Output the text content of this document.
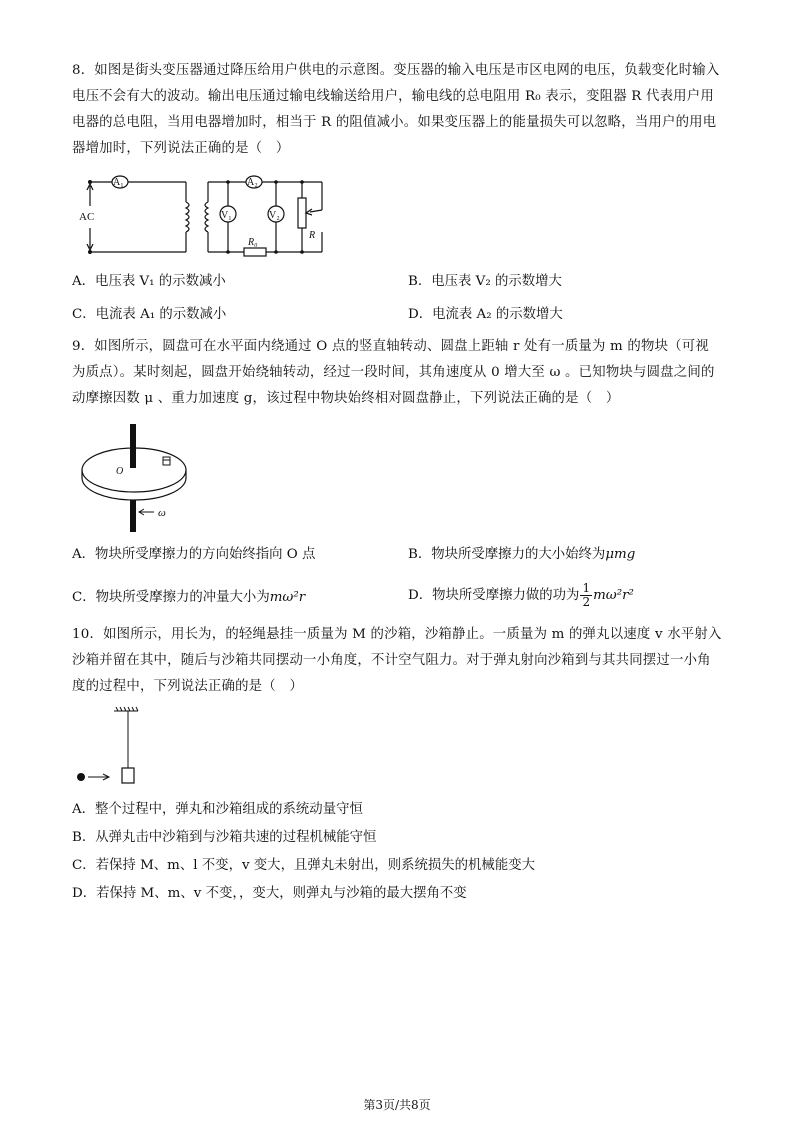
8．如图是街头变压器通过降压给用户供电的示意图。变压器的输入电压是市区电网的电压，负载变化时输入电压不会有大的波动。输出电压通过输电线输送给用户，输电线的总电阻用 R₀ 表示，变阻器 R 代表用户用电器的总电阻，当用电器增加时，相当于 R 的阻值减小。如果变压器上的能量损失可以忽略，当用户的用电器增加时，下列说法正确的是（　）
A₁	A₂
V₁	V₂
AC
R₀
R
A．电压表 V₁ 的示数减小	B．电压表 V₂ 的示数增大
C．电流表 A₁ 的示数减小	D．电流表 A₂ 的示数增大
9．如图所示，圆盘可在水平面内绕通过 O 点的竖直轴转动、圆盘上距轴 r 处有一质量为 m 的物块（可视为质点）。某时刻起，圆盘开始绕轴转动，经过一段时间，其角速度从 0 增大至 ω 。已知物块与圆盘之间的动摩擦因数 μ 、重力加速度 g，该过程中物块始终相对圆盘静止，下列说法正确的是（　）
O
ω
A．物块所受摩擦力的方向始终指向 O 点	B．物块所受摩擦力的大小始终为μmg
C．物块所受摩擦力的冲量大小为mω²r	D．物块所受摩擦力做的功为 $\frac{1}{2} m\omega^2r^2$
10．如图所示，用长为，的轻绳悬挂一质量为 M 的沙箱，沙箱静止。一质量为 m 的弹丸以速度 v 水平射入沙箱并留在其中，随后与沙箱共同摆动一小角度，不计空气阻力。对于弹丸射向沙箱到与其共同摆过一小角度的过程中，下列说法正确的是（　）
A．整个过程中，弹丸和沙箱组成的系统动量守恒
B．从弹丸击中沙箱到与沙箱共速的过程机械能守恒
C．若保持 M、m、l 不变，v 变大，且弹丸未射出，则系统损失的机械能变大
D．若保持 M、m、v 不变，，变大，则弹丸与沙箱的最大摆角不变
第3页/共8页
